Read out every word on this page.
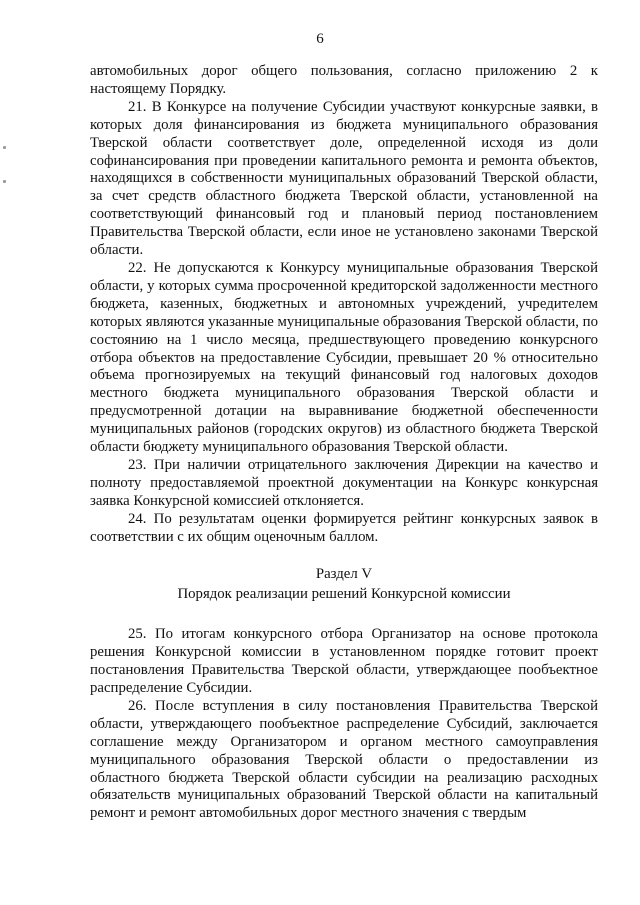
6

автомобильных дорог общего пользования, согласно приложению 2 к настоящему Порядку.

21. В Конкурсе на получение Субсидии участвуют конкурсные заявки, в которых доля финансирования из бюджета муниципального образования Тверской области соответствует доле, определенной исходя из доли софинансирования при проведении капитального ремонта и ремонта объектов, находящихся в собственности муниципальных образований Тверской области, за счет средств областного бюджета Тверской области, установленной на соответствующий финансовый год и плановый период постановлением Правительства Тверской области, если иное не установлено законами Тверской области.

22. Не допускаются к Конкурсу муниципальные образования Тверской области, у которых сумма просроченной кредиторской задолженности местного бюджета, казенных, бюджетных и автономных учреждений, учредителем которых являются указанные муниципальные образования Тверской области, по состоянию на 1 число месяца, предшествующего проведению конкурсного отбора объектов на предоставление Субсидии, превышает 20 % относительно объема прогнозируемых на текущий финансовый год налоговых доходов местного бюджета муниципального образования Тверской области и предусмотренной дотации на выравнивание бюджетной обеспеченности муниципальных районов (городских округов) из областного бюджета Тверской области бюджету муниципального образования Тверской области.

23. При наличии отрицательного заключения Дирекции на качество и полноту предоставляемой проектной документации на Конкурс конкурсная заявка Конкурсной комиссией отклоняется.

24. По результатам оценки формируется рейтинг конкурсных заявок в соответствии с их общим оценочным баллом.

Раздел V

Порядок реализации решений Конкурсной комиссии

25. По итогам конкурсного отбора Организатор на основе протокола решения Конкурсной комиссии в установленном порядке готовит проект постановления Правительства Тверской области, утверждающее пообъектное распределение Субсидии.

26. После вступления в силу постановления Правительства Тверской области, утверждающего пообъектное распределение Субсидий, заключается соглашение между Организатором и органом местного самоуправления муниципального образования Тверской области о предоставлении из областного бюджета Тверской области субсидии на реализацию расходных обязательств муниципальных образований Тверской области на капитальный ремонт и ремонт автомобильных дорог местного значения с твердым
